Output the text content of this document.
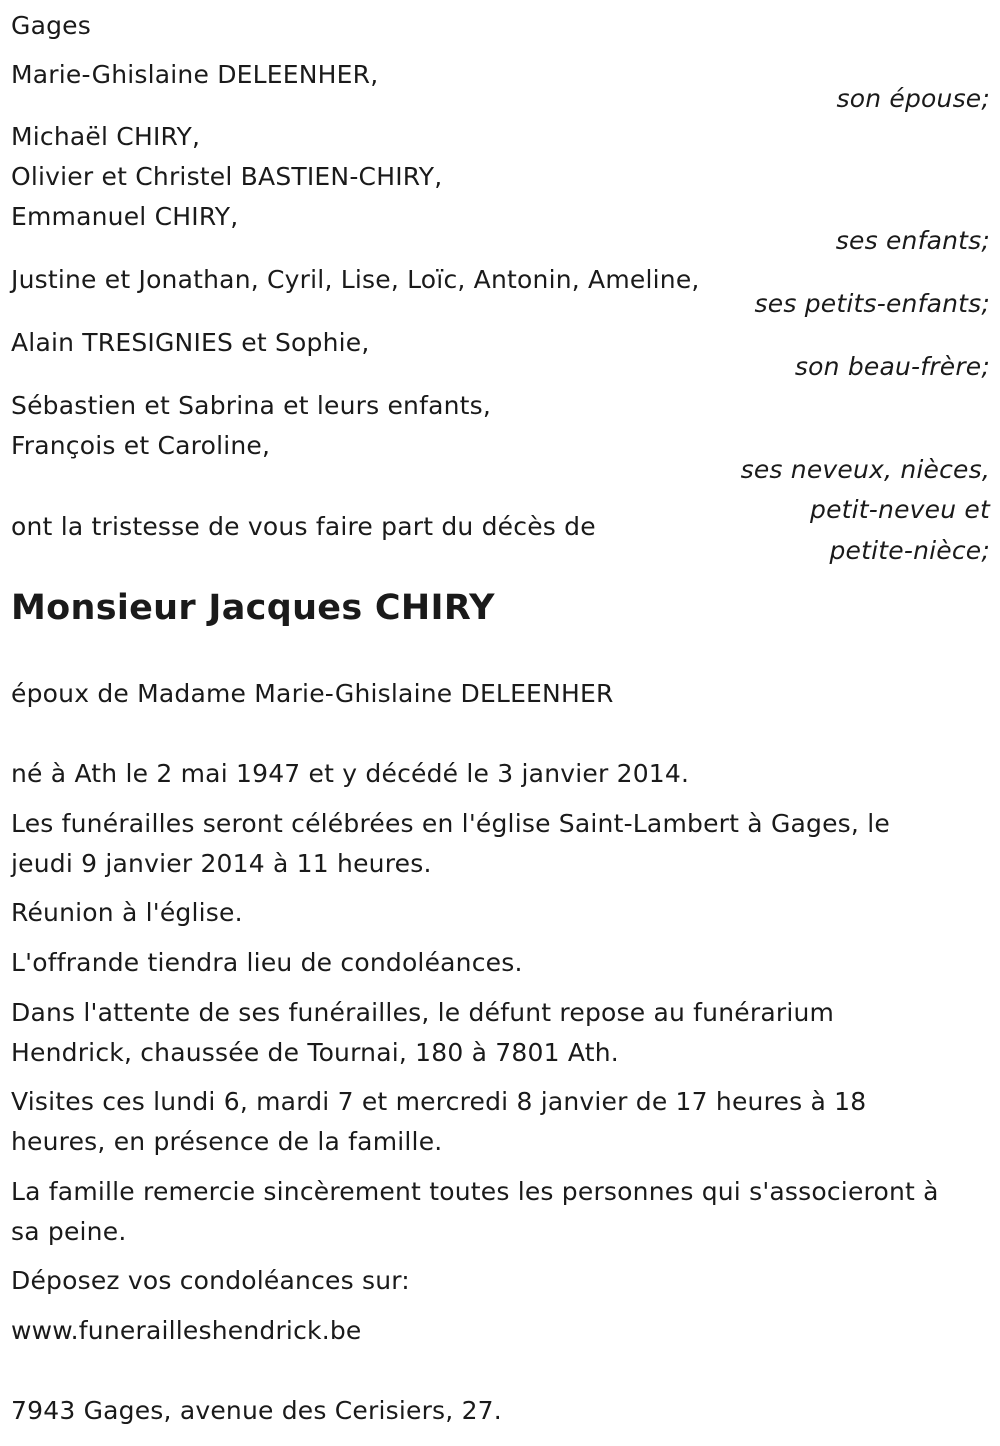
Gages
Marie-Ghislaine DELEENHER,
son épouse;
Michaël CHIRY,
Olivier et Christel BASTIEN-CHIRY,
Emmanuel CHIRY,
ses enfants;
Justine et Jonathan, Cyril, Lise, Loïc, Antonin, Ameline,
ses petits-enfants;
Alain TRESIGNIES et Sophie,
son beau-frère;
Sébastien et Sabrina et leurs enfants,
François et Caroline,
ses neveux, nièces,
petit-neveu et
petite-nièce;
ont la tristesse de vous faire part du décès de
Monsieur Jacques CHIRY
époux de Madame Marie-Ghislaine DELEENHER
né à Ath le 2 mai 1947 et y décédé le 3 janvier 2014.
Les funérailles seront célébrées en l'église Saint-Lambert à Gages, le
jeudi 9 janvier 2014 à 11 heures.
Réunion à l'église.
L'offrande tiendra lieu de condoléances.
Dans l'attente de ses funérailles, le défunt repose au funérarium
Hendrick, chaussée de Tournai, 180 à 7801 Ath.
Visites ces lundi 6, mardi 7 et mercredi 8 janvier de 17 heures à 18
heures, en présence de la famille.
La famille remercie sincèrement toutes les personnes qui s'associeront à
sa peine.
Déposez vos condoléances sur:
www.funerailleshendrick.be
7943 Gages, avenue des Cerisiers, 27.
